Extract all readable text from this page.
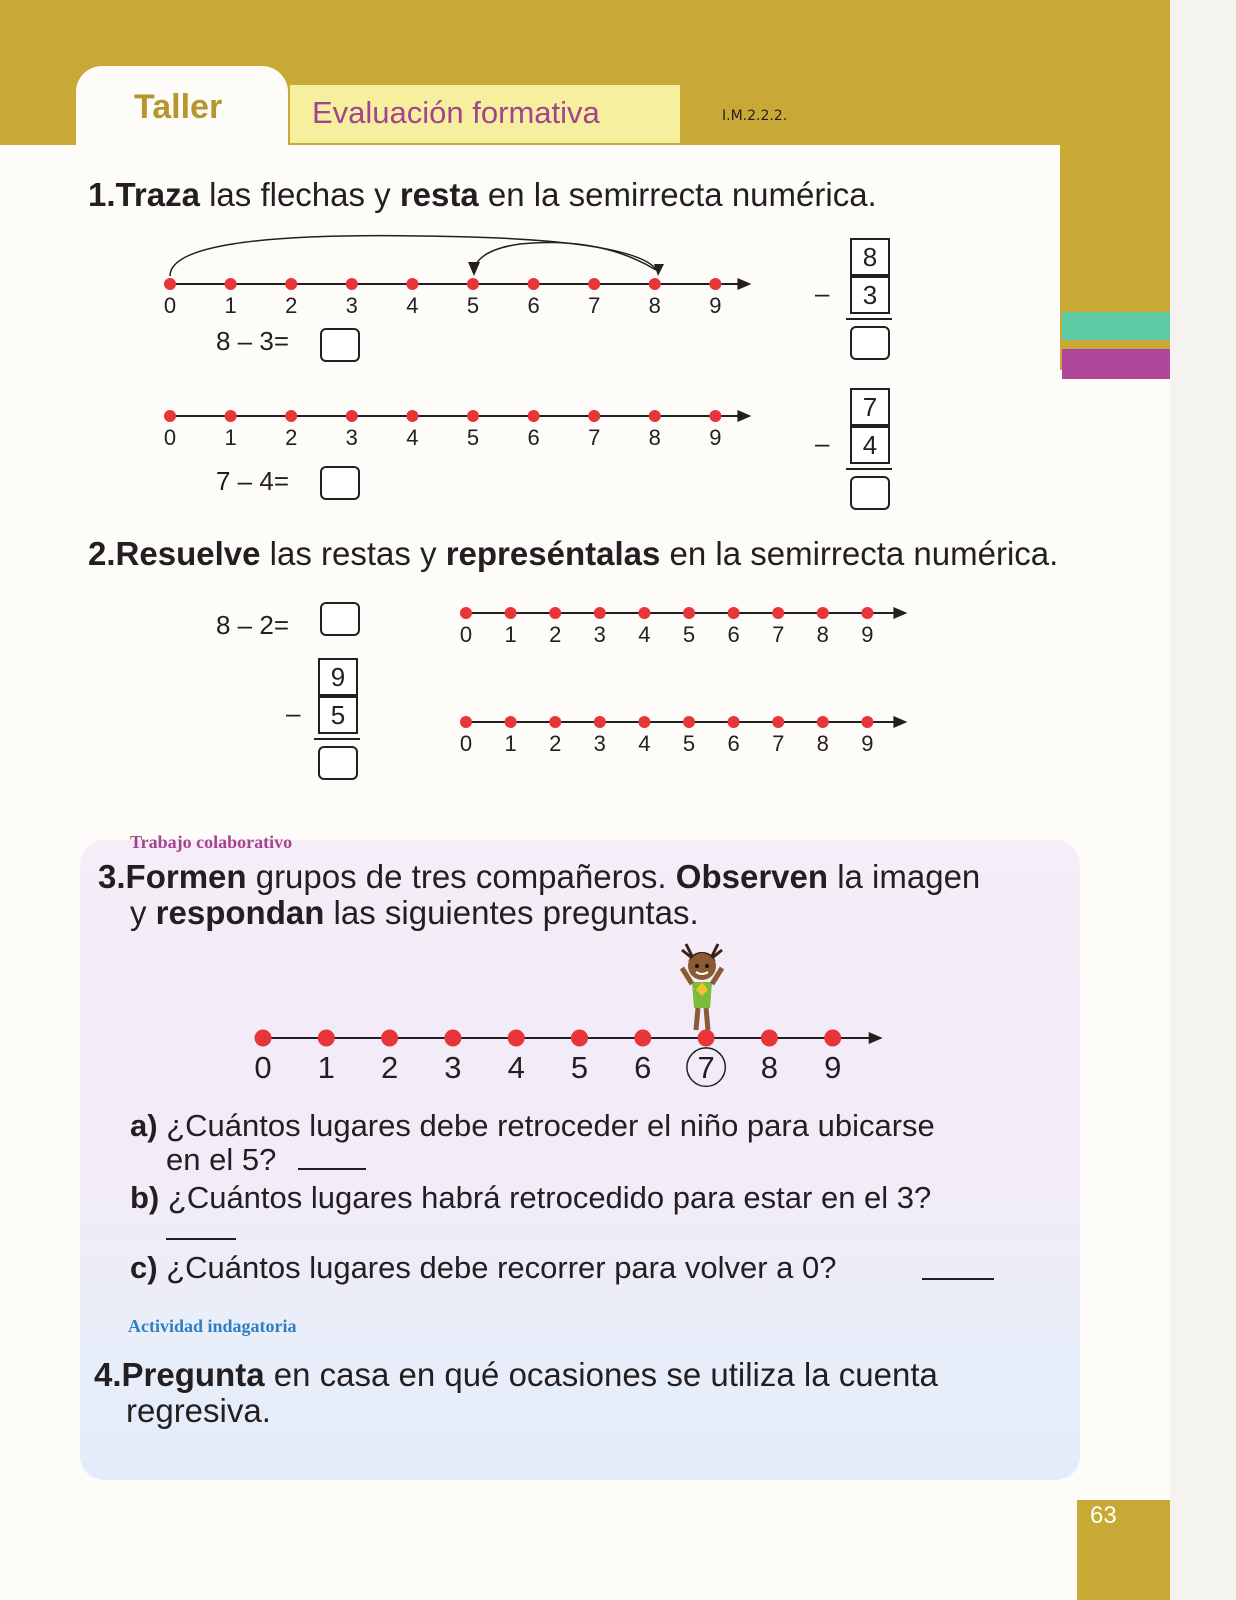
Taller	Evaluación formativa	I.M.2.2.2.
1.Traza las flechas y resta en la semirrecta numérica.
0 1 2 3 4 5 6 7 8 9
8 – 3=
8
–	3
0 1 2 3 4 5 6 7 8 9
7 – 4=
7
–	4
2.Resuelve las restas y represéntalas en la semirrecta numérica.
8 – 2=	0 1 2 3 4 5 6 7 8 9
9
–	5
0 1 2 3 4 5 6 7 8 9
Trabajo colaborativo
3.Formen grupos de tres compañeros. Observen la imagen
y respondan las siguientes preguntas.
0 1 2 3 4 5 6 7 8 9
a) ¿Cuántos lugares debe retroceder el niño para ubicarse
en el 5?
b) ¿Cuántos lugares habrá retrocedido para estar en el 3?
c) ¿Cuántos lugares debe recorrer para volver a 0?
Actividad indagatoria
4.Pregunta en casa en qué ocasiones se utiliza la cuenta
regresiva.
63
